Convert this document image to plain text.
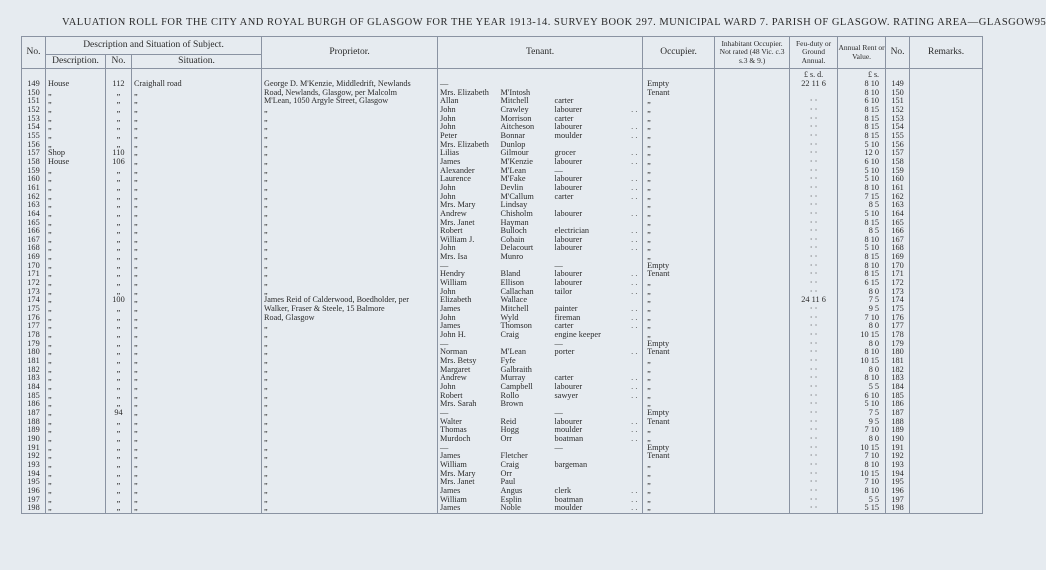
VALUATION ROLL FOR THE CITY AND ROYAL BURGH OF GLASGOW FOR THE YEAR 1913-14. SURVEY BOOK 297. MUNICIPAL WARD 7. PARISH OF GLASGOW. RATING AREA—GLASGOW 95
No.	Description and Situation of Subject.			Proprietor.	Tenant.				Occupier.	Inhabitant Occupier. Not rated (48 Vic. c.3 s.3 & 9.)	Feu-duty or Ground Annual.	Annual Rent or Value.	No.	Remarks.
	Description.	No.	Situation.											
											£ s. d.	£ s.		
149	House	112	Craighall road	George D. M'Kenzie, Middledrift, Newlands	—				Empty		22 11 6	8 10	149	
150	„	„	„	Road, Newlands, Glasgow, per Malcolm	Mrs. Elizabeth	M'Intosh			Tenant			8 10	150	
151	„	„	„	M'Lean, 1050 Argyle Street, Glasgow	Allan	Mitchell	carter		„		· ·	6 10	151	
152	„	„	„	„	John	Crawley	labourer	. .	„		· ·	8 15	152	
153	„	„	„	„	John	Morrison	carter		„		· ·	8 15	153	
154	„	„	„	„	John	Aitcheson	labourer	. .	„		· ·	8 15	154	
155	„	„	„	„	Peter	Bonnar	moulder	. .	„		· ·	8 15	155	
156	„	„	„	„	Mrs. Elizabeth	Dunlop			„		· ·	5 10	156	
157	Shop	110	„	„	Lilias	Gilmour	grocer	. .	„		· ·	12 0	157	
158	House	106	„	„	James	M'Kenzie	labourer	. .	„		· ·	6 10	158	
159	„	„	„	„	Alexander	M'Lean	—		„		· ·	5 10	159	
160	„	„	„	„	Laurence	M'Fake	labourer	. .	„		· ·	5 10	160	
161	„	„	„	„	John	Devlin	labourer	. .	„		· ·	8 10	161	
162	„	„	„	„	John	M'Callum	carter	. .	„		· ·	7 15	162	
163	„	„	„	„	Mrs. Mary	Lindsay			„		· ·	8 5	163	
164	„	„	„	„	Andrew	Chisholm	labourer	. .	„		· ·	5 10	164	
165	„	„	„	„	Mrs. Janet	Hayman			„		· ·	8 15	165	
166	„	„	„	„	Robert	Bulloch	electrician	. .	„		· ·	8 5	166	
167	„	„	„	„	William J.	Cobain	labourer	. .	„		· ·	8 10	167	
168	„	„	„	„	John	Delacourt	labourer	. .	„		· ·	5 10	168	
169	„	„	„	„	Mrs. Isa	Munro			„		· ·	8 15	169	
170	„	„	„	„	—		—		Empty		· ·	8 10	170	
171	„	„	„	„	Hendry	Bland	labourer	. .	Tenant		· ·	8 15	171	
172	„	„	„	„	William	Ellison	labourer	. .	„		· ·	6 15	172	
173	„	„	„	„	John	Callachan	tailor	. .	„		· ·	8 0	173	
174	„	100	„	James Reid of Calderwood, Boedholder, per	Elizabeth	Wallace			„		24 11 6	7 5	174	
175	„	„	„	Walker, Fraser & Steele, 15 Balmore	James	Mitchell	painter	. .	„		· ·	9 5	175	
176	„	„	„	Road, Glasgow	John	Wyld	fireman	. .	„		· ·	7 10	176	
177	„	„	„	„	James	Thomson	carter	. .	„		· ·	8 0	177	
178	„	„	„	„	John H.	Craig	engine keeper		„		· ·	10 15	178	
179	„	„	„	„	—		—		Empty		· ·	8 0	179	
180	„	„	„	„	Norman	M'Lean	porter	. .	Tenant		· ·	8 10	180	
181	„	„	„	„	Mrs. Betsy	Fyfe			„		· ·	10 15	181	
182	„	„	„	„	Margaret	Galbraith			„		· ·	8 0	182	
183	„	„	„	„	Andrew	Murray	carter	. .	„		· ·	8 10	183	
184	„	„	„	„	John	Campbell	labourer	. .	„		· ·	5 5	184	
185	„	„	„	„	Robert	Rollo	sawyer	. .	„		· ·	6 10	185	
186	„	„	„	„	Mrs. Sarah	Brown			„		· ·	5 10	186	
187	„	94	„	„	—		—		Empty		· ·	7 5	187	
188	„	„	„	„	Walter	Reid	labourer	. .	Tenant		· ·	9 5	188	
189	„	„	„	„	Thomas	Hogg	moulder	. .	„		· ·	7 10	189	
190	„	„	„	„	Murdoch	Orr	boatman	. .	„		· ·	8 0	190	
191	„	„	„	„	—		—		Empty		· ·	10 15	191	
192	„	„	„	„	James	Fletcher			Tenant		· ·	7 10	192	
193	„	„	„	„	William	Craig	bargeman		„		· ·	8 10	193	
194	„	„	„	„	Mrs. Mary	Orr			„		· ·	10 15	194	
195	„	„	„	„	Mrs. Janet	Paul			„		· ·	7 10	195	
196	„	„	„	„	James	Angus	clerk	. .	„		· ·	8 10	196	
197	„	„	„	„	William	Esplin	boatman	. .	„		· ·	5 5	197	
198	„	„	„	„	James	Noble	moulder	. .	„		· ·	5 15	198	
